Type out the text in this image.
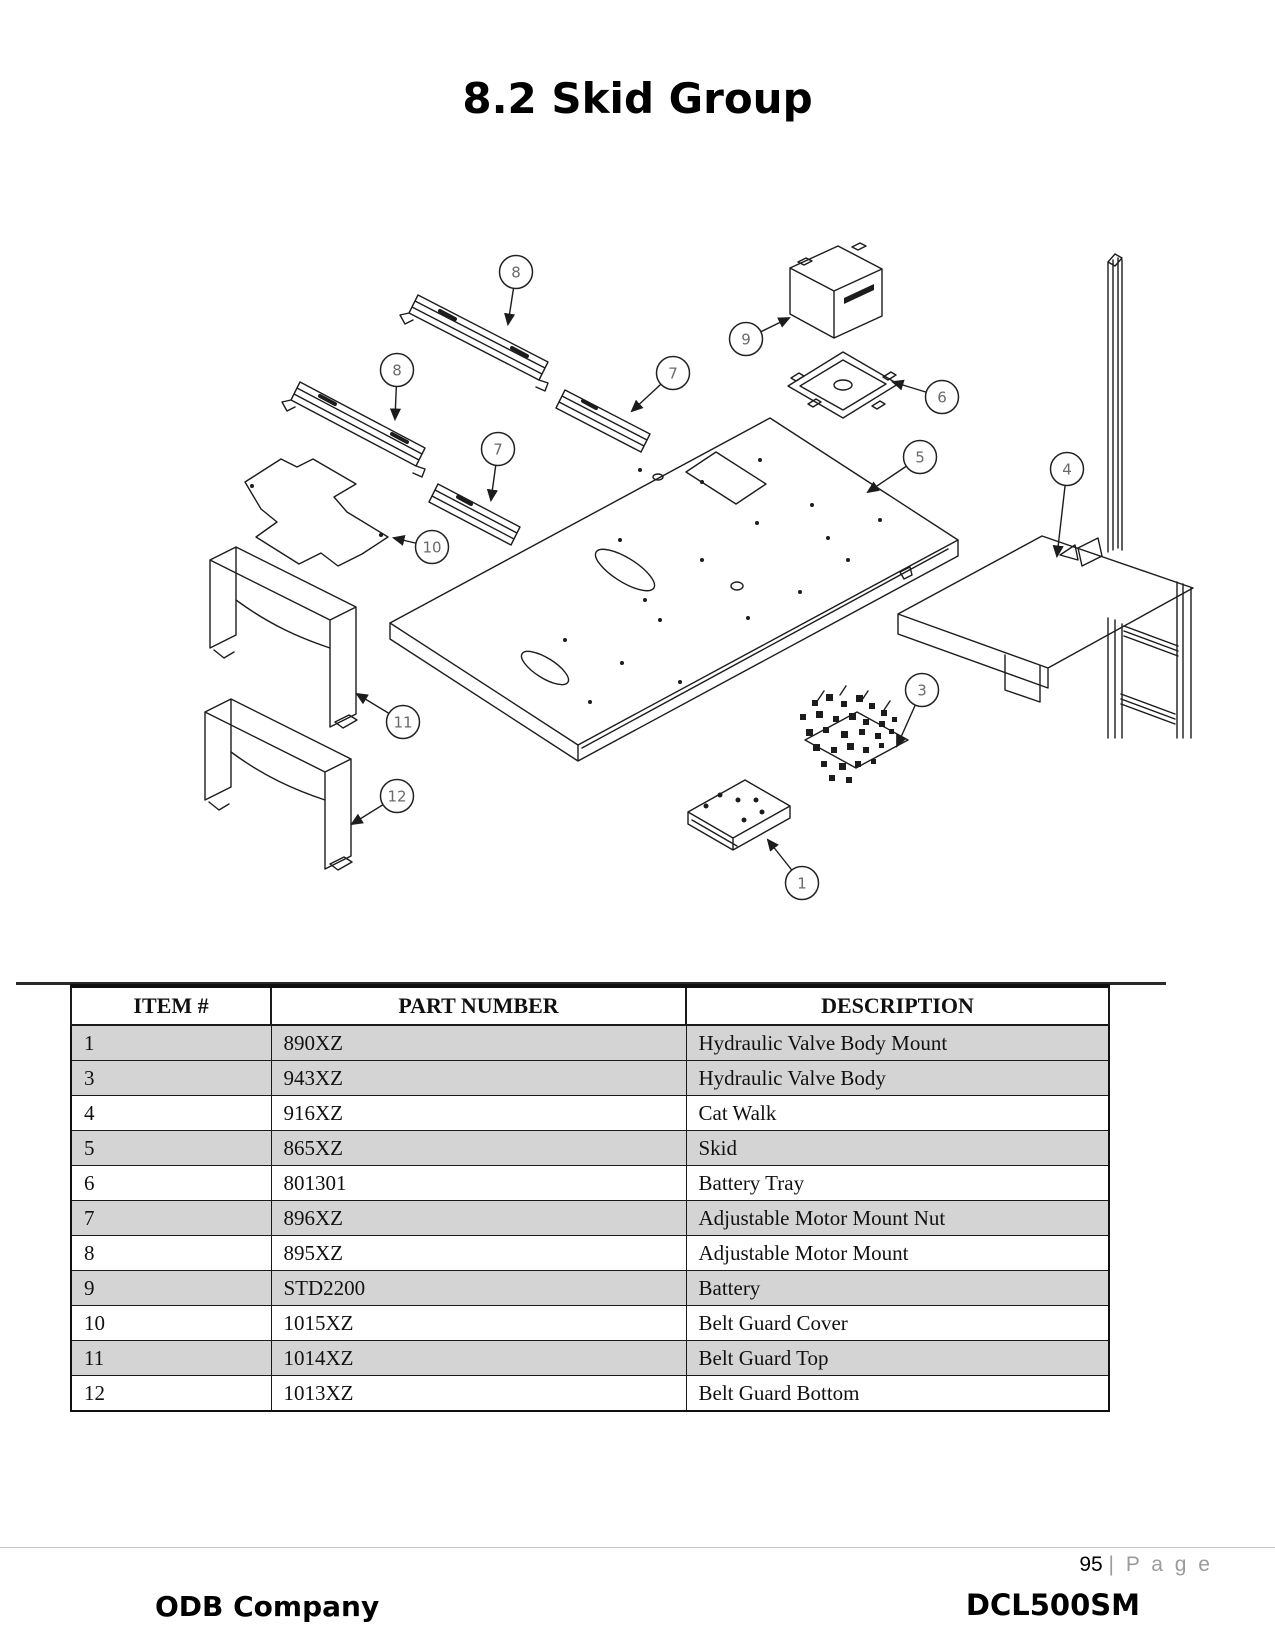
8.2 Skid Group
8
8	7
7
9
6
5
4
10
11
12
3
1
ITEM #	PART NUMBER	DESCRIPTION
1	890XZ	Hydraulic Valve Body Mount
3	943XZ	Hydraulic Valve Body
4	916XZ	Cat Walk
5	865XZ	Skid
6	801301	Battery Tray
7	896XZ	Adjustable Motor Mount Nut
8	895XZ	Adjustable Motor Mount
9	STD2200	Battery
10	1015XZ	Belt Guard Cover
11	1014XZ	Belt Guard Top
12	1013XZ	Belt Guard Bottom
95 | P a g e
ODB Company	DCL500SM
